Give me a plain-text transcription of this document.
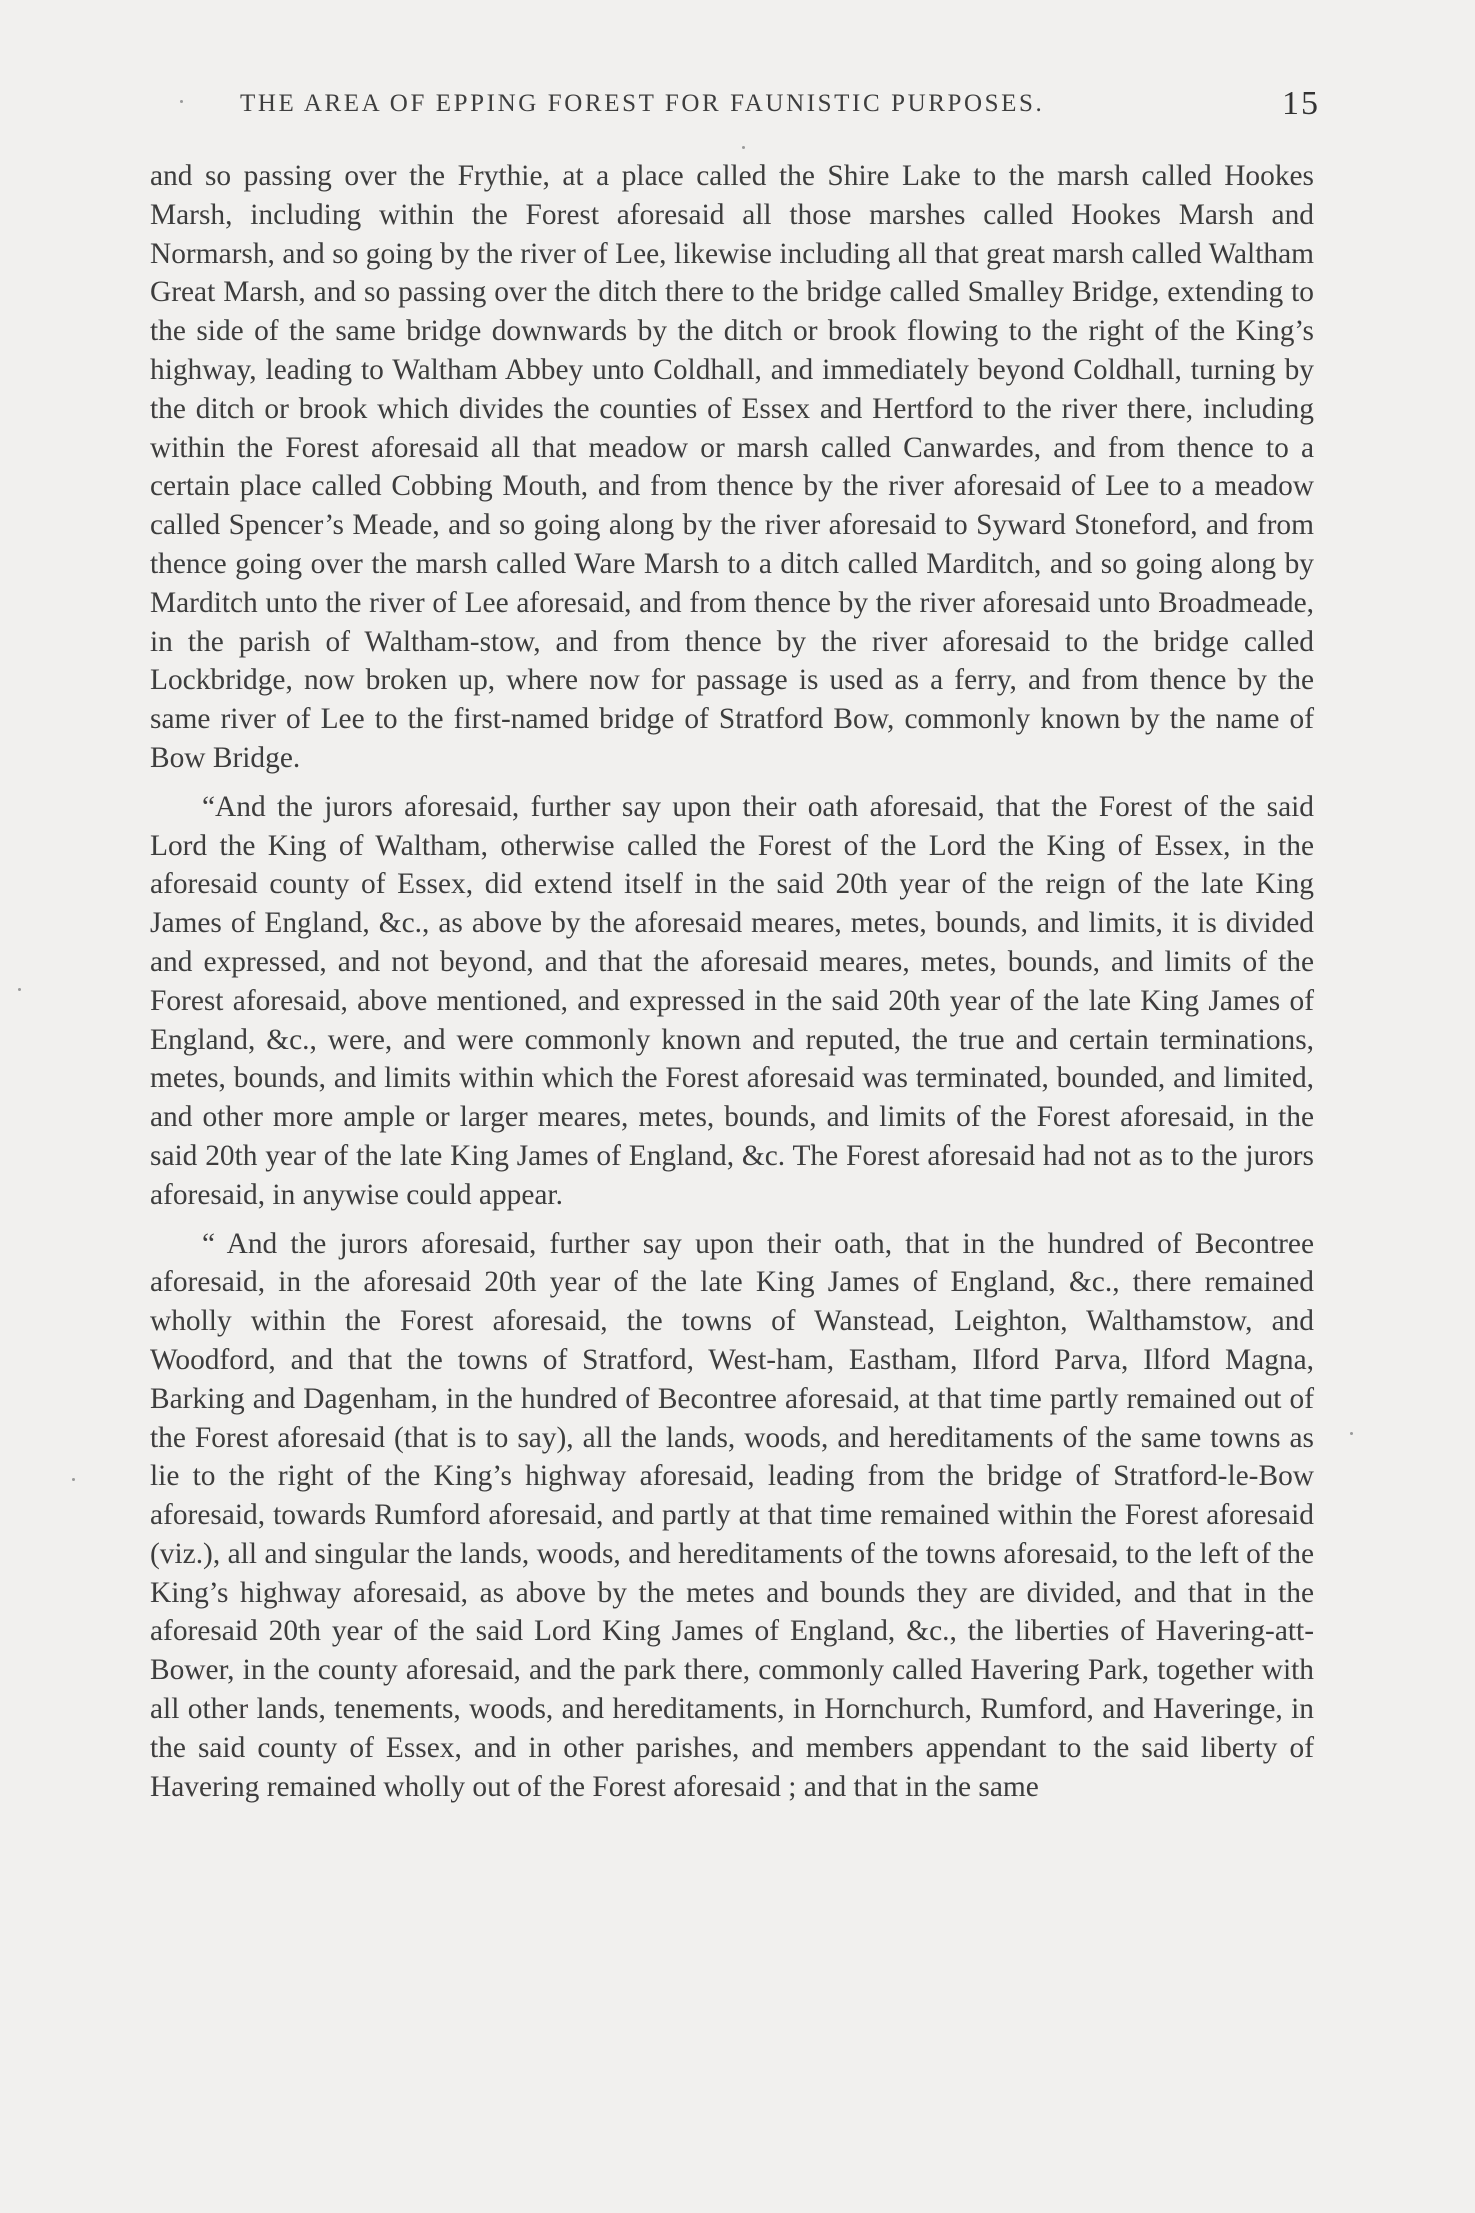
THE AREA OF EPPING FOREST FOR FAUNISTIC PURPOSES.	15

and so passing over the Frythie, at a place called the Shire Lake to the marsh called Hookes Marsh, including within the Forest aforesaid all those marshes called Hookes Marsh and Normarsh, and so going by the river of Lee, likewise including all that great marsh called Waltham Great Marsh, and so passing over the ditch there to the bridge called Smalley Bridge, extending to the side of the same bridge downwards by the ditch or brook flowing to the right of the King’s highway, leading to Waltham Abbey unto Coldhall, and immediately beyond Coldhall, turning by the ditch or brook which divides the counties of Essex and Hertford to the river there, including within the Forest aforesaid all that meadow or marsh called Canwardes, and from thence to a certain place called Cobbing Mouth, and from thence by the river aforesaid of Lee to a meadow called Spencer’s Meade, and so going along by the river aforesaid to Syward Stoneford, and from thence going over the marsh called Ware Marsh to a ditch called Marditch, and so going along by Marditch unto the river of Lee aforesaid, and from thence by the river aforesaid unto Broadmeade, in the parish of Waltham-stow, and from thence by the river aforesaid to the bridge called Lockbridge, now broken up, where now for passage is used as a ferry, and from thence by the same river of Lee to the first-named bridge of Stratford Bow, commonly known by the name of Bow Bridge.

“And the jurors aforesaid, further say upon their oath aforesaid, that the Forest of the said Lord the King of Waltham, otherwise called the Forest of the Lord the King of Essex, in the aforesaid county of Essex, did extend itself in the said 20th year of the reign of the late King James of England, &c., as above by the aforesaid meares, metes, bounds, and limits, it is divided and expressed, and not beyond, and that the aforesaid meares, metes, bounds, and limits of the Forest aforesaid, above mentioned, and expressed in the said 20th year of the late King James of England, &c., were, and were commonly known and reputed, the true and certain terminations, metes, bounds, and limits within which the Forest aforesaid was terminated, bounded, and limited, and other more ample or larger meares, metes, bounds, and limits of the Forest aforesaid, in the said 20th year of the late King James of England, &c. The Forest aforesaid had not as to the jurors aforesaid, in anywise could appear.

“ And the jurors aforesaid, further say upon their oath, that in the hundred of Becontree aforesaid, in the aforesaid 20th year of the late King James of England, &c., there remained wholly within the Forest aforesaid, the towns of Wanstead, Leighton, Walthamstow, and Woodford, and that the towns of Stratford, West-ham, Eastham, Ilford Parva, Ilford Magna, Barking and Dagenham, in the hundred of Becontree aforesaid, at that time partly remained out of the Forest aforesaid (that is to say), all the lands, woods, and hereditaments of the same towns as lie to the right of the King’s highway aforesaid, leading from the bridge of Stratford-le-Bow aforesaid, towards Rumford aforesaid, and partly at that time remained within the Forest aforesaid (viz.), all and singular the lands, woods, and hereditaments of the towns aforesaid, to the left of the King’s highway aforesaid, as above by the metes and bounds they are divided, and that in the aforesaid 20th year of the said Lord King James of England, &c., the liberties of Havering-att-Bower, in the county aforesaid, and the park there, commonly called Havering Park, together with all other lands, tenements, woods, and hereditaments, in Hornchurch, Rumford, and Haveringe, in the said county of Essex, and in other parishes, and members appendant to the said liberty of Havering remained wholly out of the Forest aforesaid ; and that in the same
